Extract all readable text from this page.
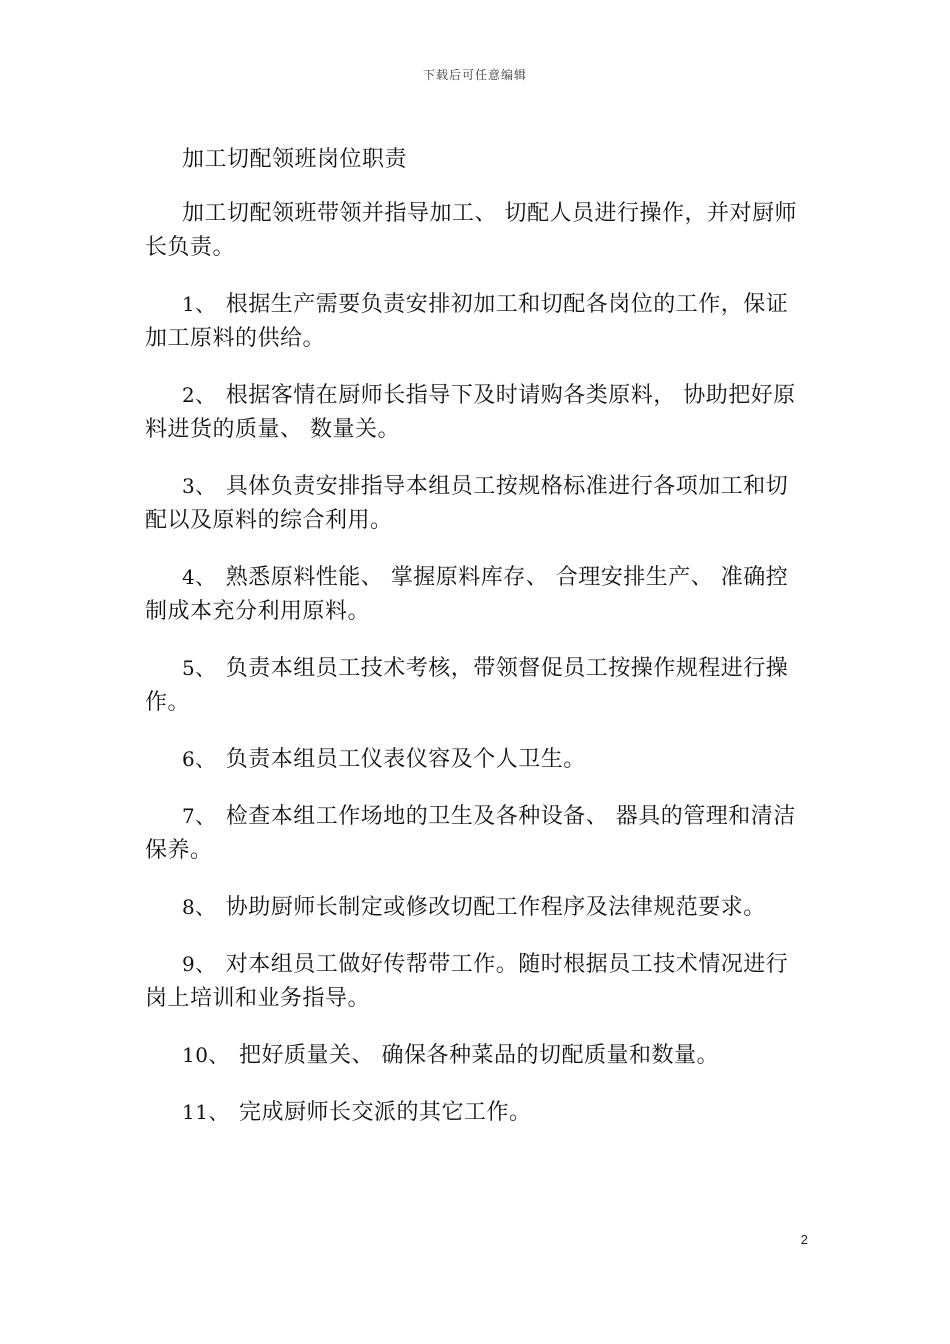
下载后可任意编辑
加工切配领班岗位职责

加工切配领班带领并指导加工、 切配人员进行操作，并对厨师长负责。

1、 根据生产需要负责安排初加工和切配各岗位的工作，保证加工原料的供给。

2、 根据客情在厨师长指导下及时请购各类原料， 协助把好原料进货的质量、 数量关。

3、 具体负责安排指导本组员工按规格标准进行各项加工和切配以及原料的综合利用。

4、 熟悉原料性能、 掌握原料库存、 合理安排生产、 准确控制成本充分利用原料。

5、 负责本组员工技术考核，带领督促员工按操作规程进行操作。

6、 负责本组员工仪表仪容及个人卫生。

7、 检查本组工作场地的卫生及各种设备、 器具的管理和清洁保养。

8、 协助厨师长制定或修改切配工作程序及法律规范要求。

9、 对本组员工做好传帮带工作。随时根据员工技术情况进行岗上培训和业务指导。

10、 把好质量关、 确保各种菜品的切配质量和数量。

11、 完成厨师长交派的其它工作。

2
